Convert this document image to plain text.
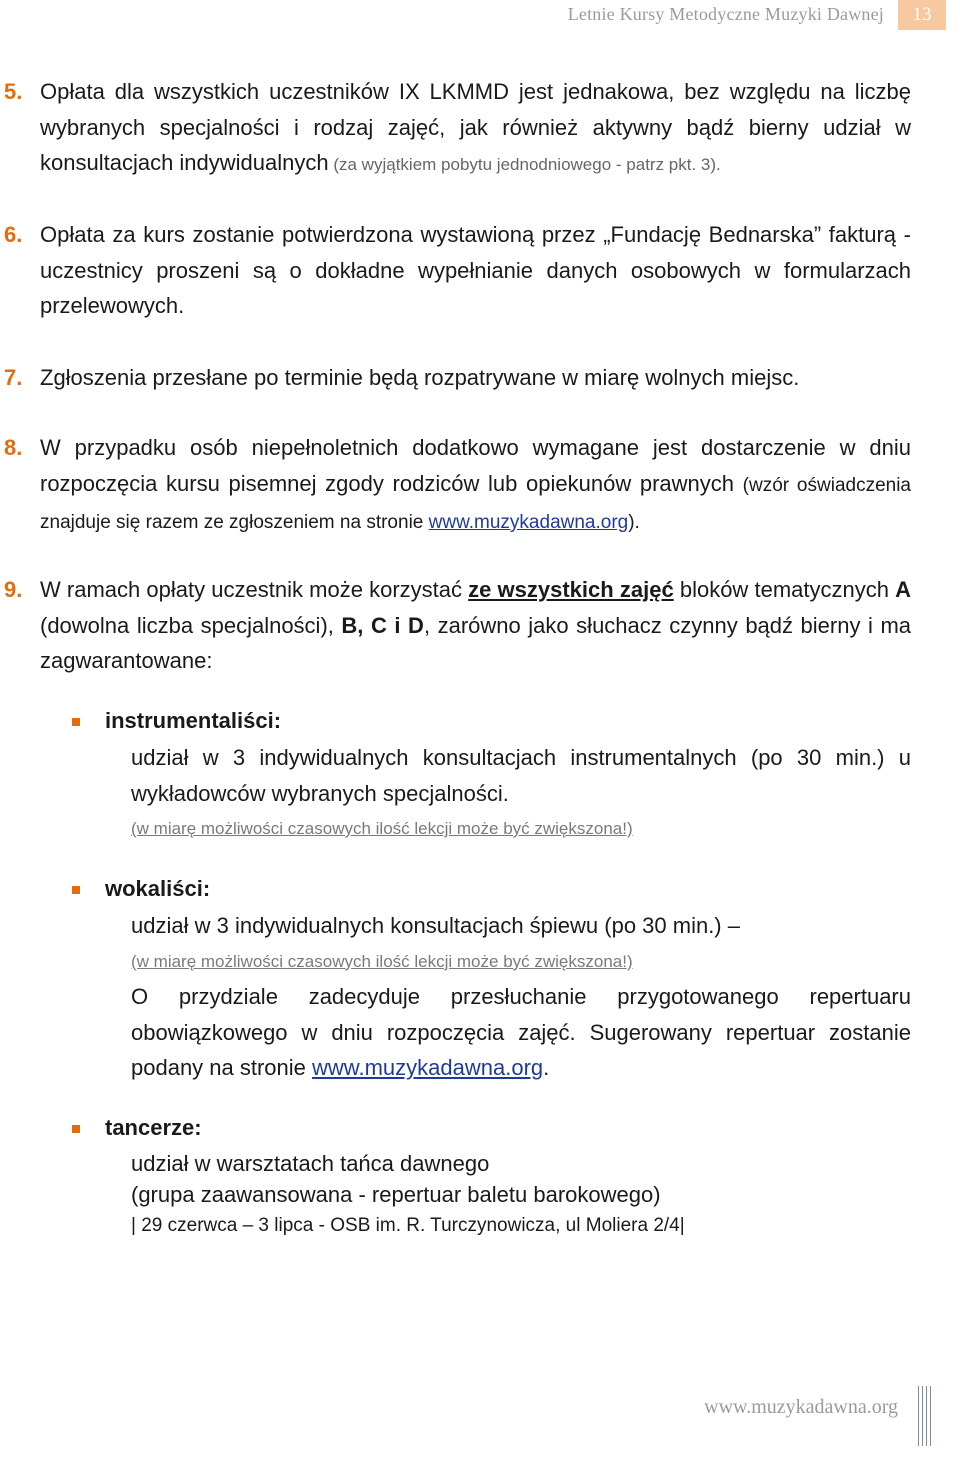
Letnie Kursy Metodyczne Muzyki Dawnej	13
5. Opłata dla wszystkich uczestników IX LKMMD jest jednakowa, bez względu na liczbę wybranych specjalności i rodzaj zajęć, jak również aktywny bądź bierny udział w konsultacjach indywidualnych (za wyjątkiem pobytu jednodniowego - patrz pkt. 3).
6. Opłata za kurs zostanie potwierdzona wystawioną przez „Fundację Bednarska” fakturą - uczestnicy proszeni są o dokładne wypełnianie danych osobowych w formularzach przelewowych.
7. Zgłoszenia przesłane po terminie będą rozpatrywane w miarę wolnych miejsc.
8. W przypadku osób niepełnoletnich dodatkowo wymagane jest dostarczenie w dniu rozpoczęcia kursu pisemnej zgody rodziców lub opiekunów prawnych (wzór oświadczenia znajduje się razem ze zgłoszeniem na stronie www.muzykadawna.org).
9. W ramach opłaty uczestnik może korzystać ze wszystkich zajęć bloków tematycznych A (dowolna liczba specjalności), B, C i D, zarówno jako słuchacz czynny bądź bierny i ma zagwarantowane:
instrumentaliści:
udział w 3 indywidualnych konsultacjach instrumentalnych (po 30 min.) u wykładowców wybranych specjalności.
(w miarę możliwości czasowych ilość lekcji może być zwiększona!)
wokaliści:
udział w 3 indywidualnych konsultacjach śpiewu (po 30 min.) –
(w miarę możliwości czasowych ilość lekcji może być zwiększona!)
O przydziale zadecyduje przesłuchanie przygotowanego repertuaru obowiązkowego w dniu rozpoczęcia zajęć. Sugerowany repertuar zostanie podany na stronie www.muzykadawna.org.
tancerze:
udział w warsztatach tańca dawnego
(grupa zaawansowana - repertuar baletu barokowego)
| 29 czerwca – 3 lipca - OSB im. R. Turczynowicza, ul Moliera 2/4|
www.muzykadawna.org
